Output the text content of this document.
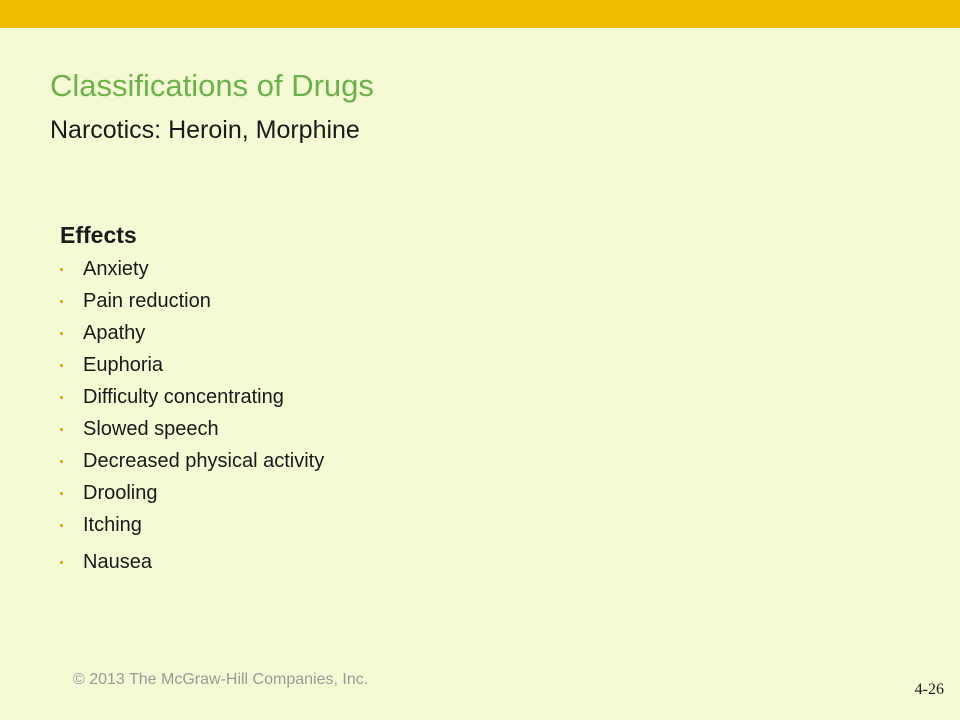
Classifications of Drugs
Narcotics: Heroin, Morphine
Effects
Anxiety
Pain reduction
Apathy
Euphoria
Difficulty concentrating
Slowed speech
Decreased physical activity
Drooling
Itching
Nausea
© 2013 The McGraw-Hill Companies, Inc.
4-26
